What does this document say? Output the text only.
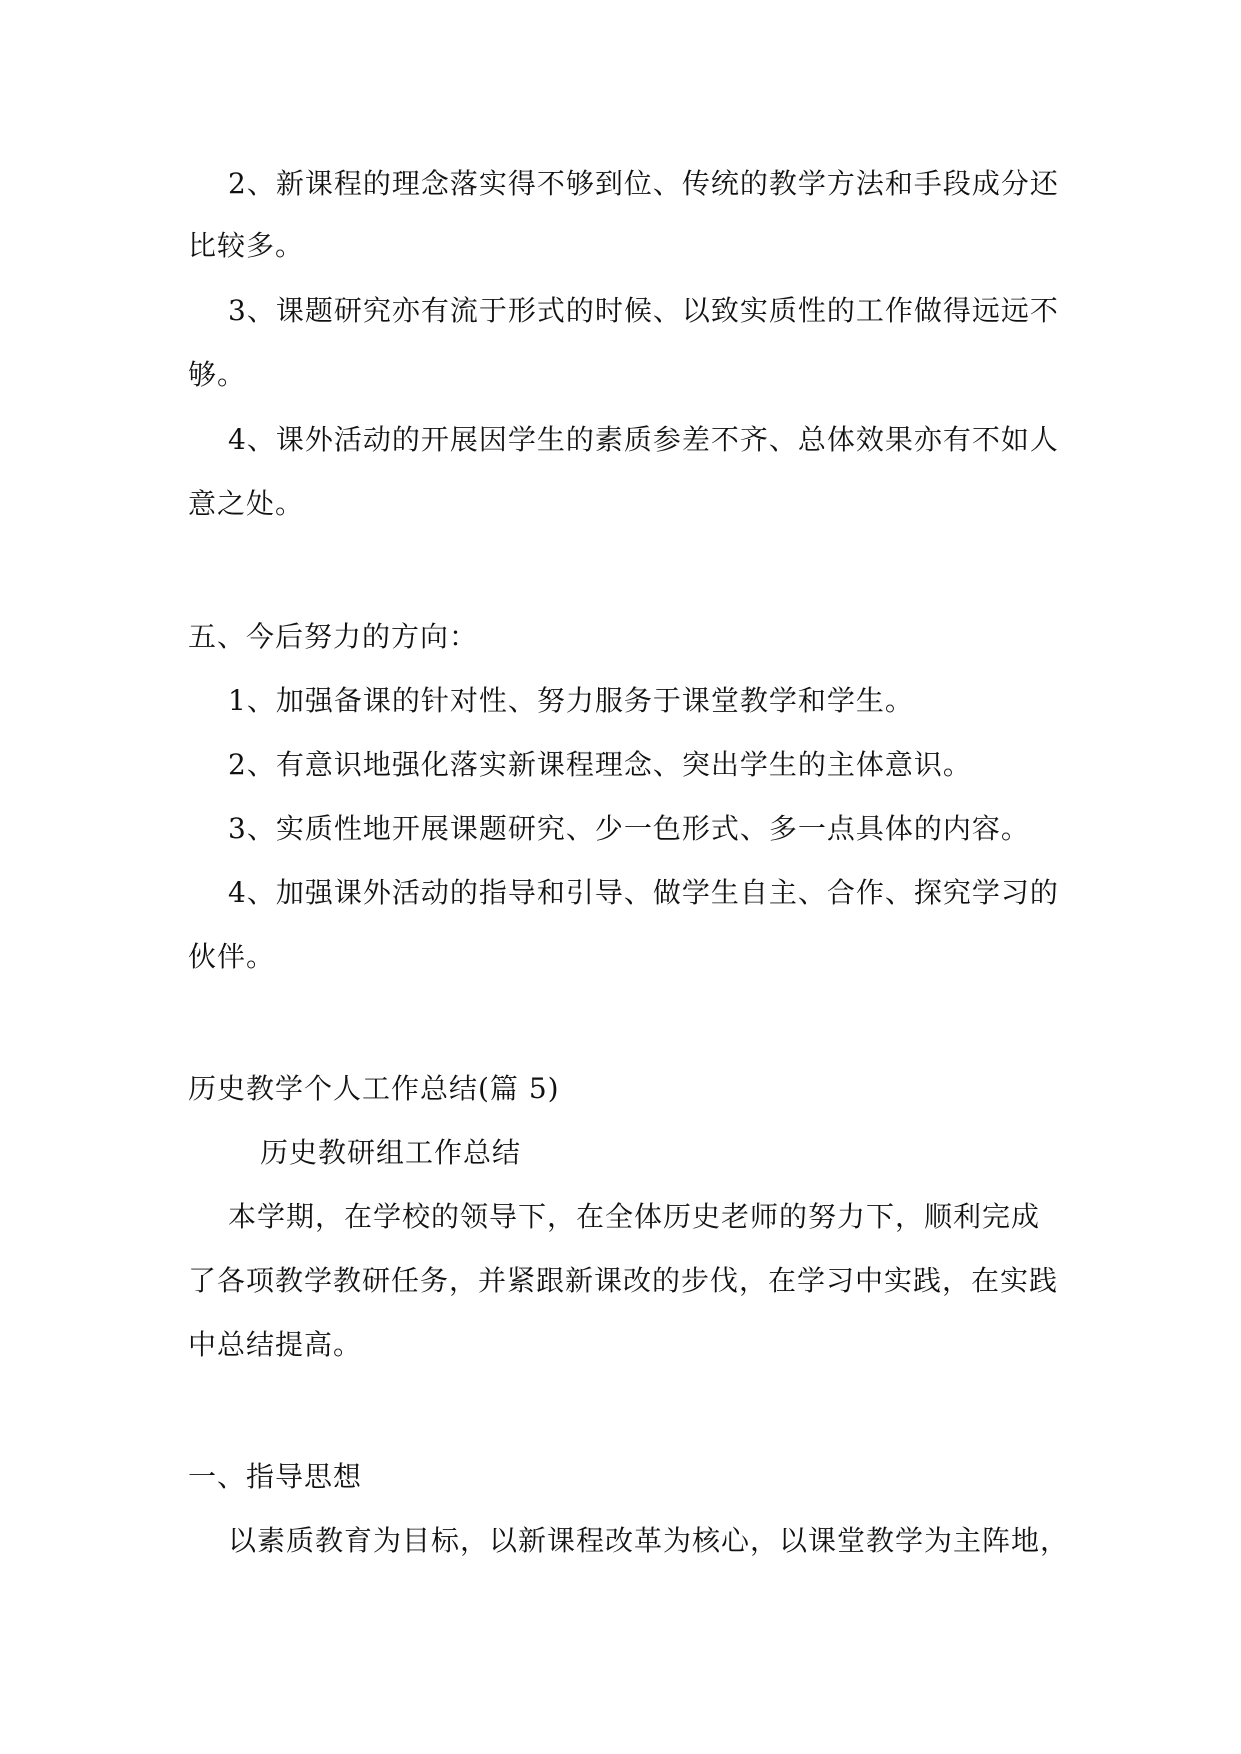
2、新课程的理念落实得不够到位、传统的教学方法和手段成分还
比较多。
3、课题研究亦有流于形式的时候、以致实质性的工作做得远远不
够。
4、课外活动的开展因学生的素质参差不齐、总体效果亦有不如人
意之处。
五、今后努力的方向：
1、加强备课的针对性、努力服务于课堂教学和学生。
2、有意识地强化落实新课程理念、突出学生的主体意识。
3、实质性地开展课题研究、少一色形式、多一点具体的内容。
4、加强课外活动的指导和引导、做学生自主、合作、探究学习的
伙伴。
历史教学个人工作总结(篇 5)
历史教研组工作总结
本学期，在学校的领导下，在全体历史老师的努力下，顺利完成
了各项教学教研任务，并紧跟新课改的步伐，在学习中实践，在实践
中总结提高。
一、指导思想
以素质教育为目标，以新课程改革为核心，以课堂教学为主阵地，
